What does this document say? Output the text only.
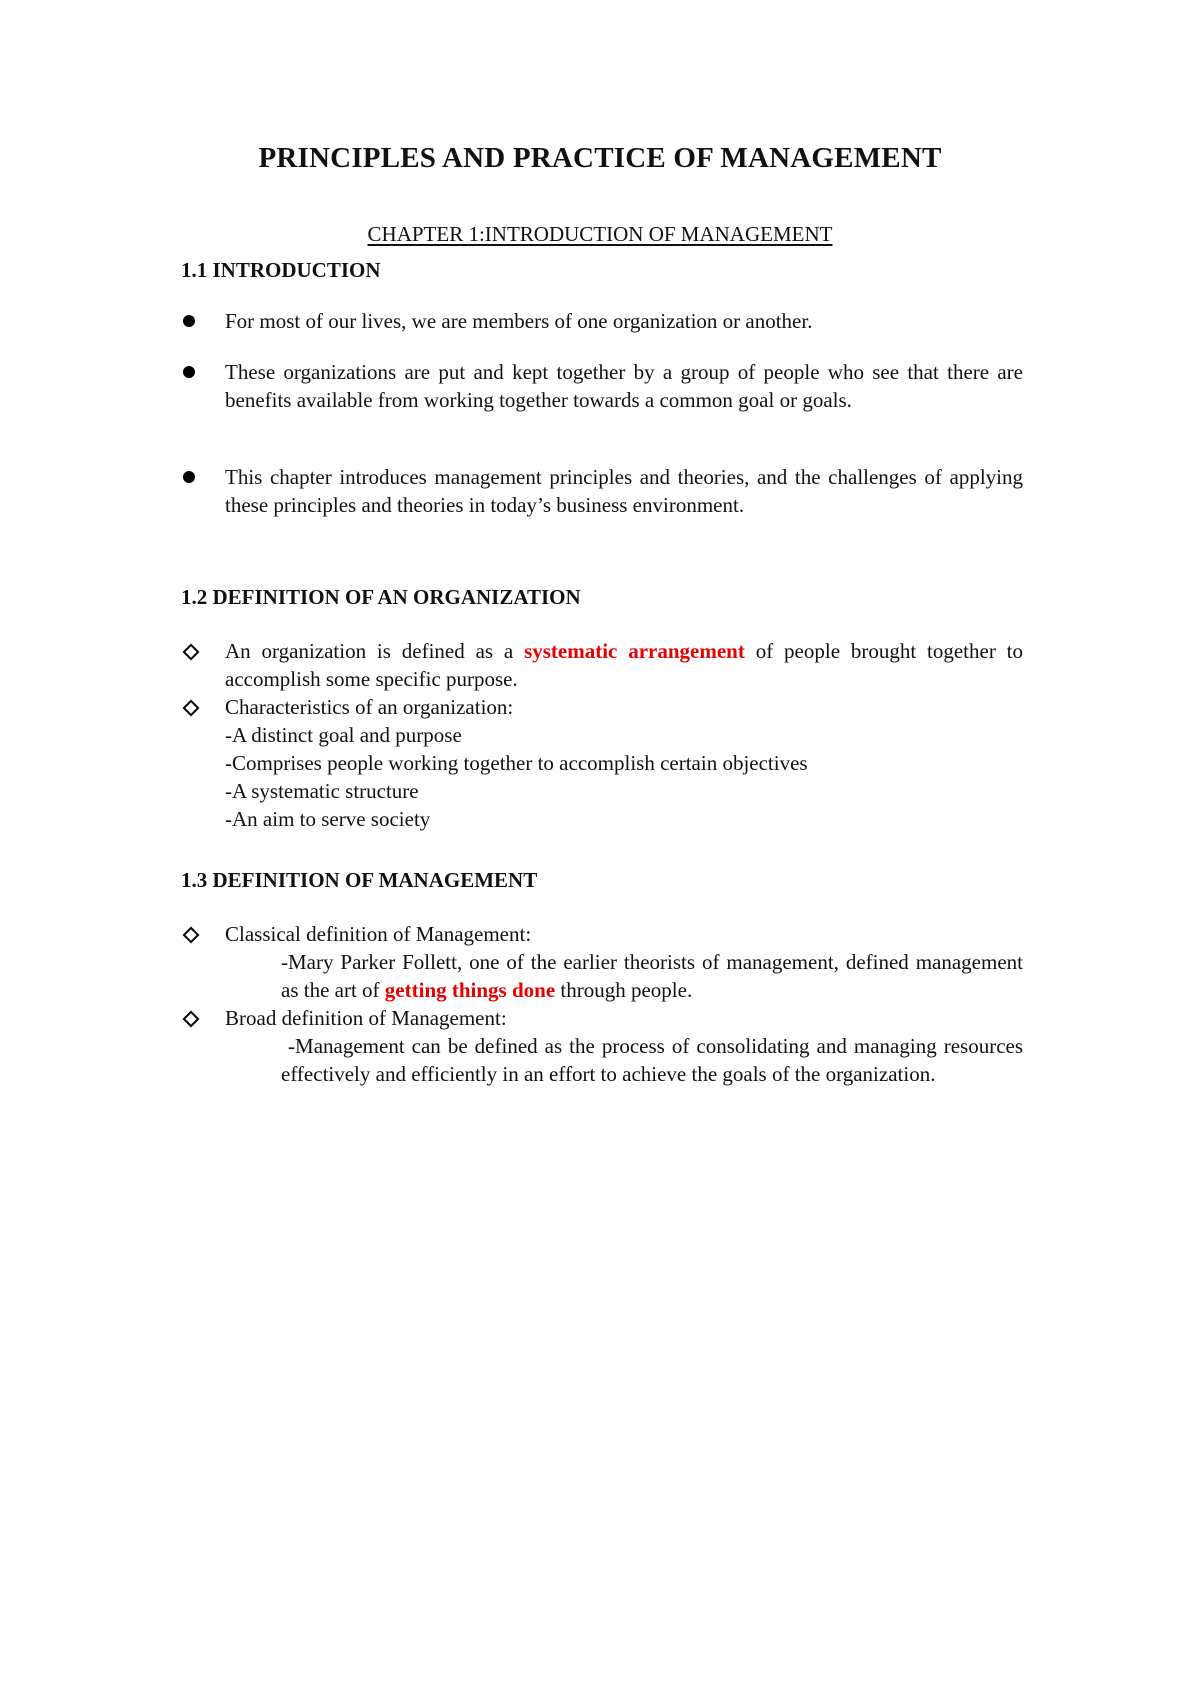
PRINCIPLES AND PRACTICE OF MANAGEMENT
CHAPTER 1:INTRODUCTION OF MANAGEMENT
1.1 INTRODUCTION
For most of our lives, we are members of one organization or another.
These organizations are put and kept together by a group of people who see that there are benefits available from working together towards a common goal or goals.
This chapter introduces management principles and theories, and the challenges of applying these principles and theories in today’s business environment.
1.2 DEFINITION OF AN ORGANIZATION
An organization is defined as a systematic arrangement of people brought together to accomplish some specific purpose.
Characteristics of an organization:
-A distinct goal and purpose
-Comprises people working together to accomplish certain objectives
-A systematic structure
-An aim to serve society
1.3 DEFINITION OF MANAGEMENT
Classical definition of Management:
-Mary Parker Follett, one of the earlier theorists of management, defined management as the art of getting things done through people.
Broad definition of Management:
-Management can be defined as the process of consolidating and managing resources effectively and efficiently in an effort to achieve the goals of the organization.
